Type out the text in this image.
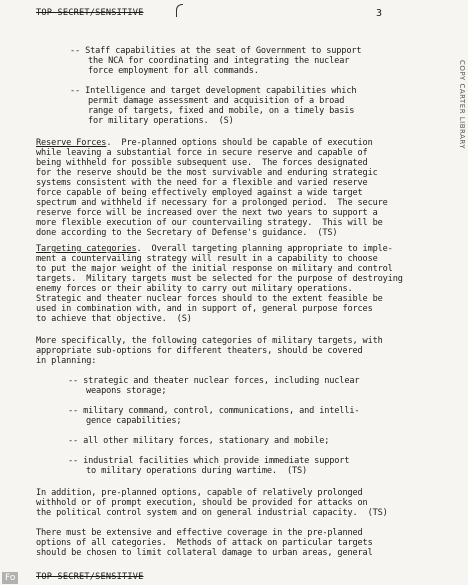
TOP SECRET/SENSITIVE	3
COPY CARTER LIBRARY
-- Staff capabilities at the seat of Government to support
the NCA for coordinating and integrating the nuclear
force employment for all commands.
-- Intelligence and target development capabilities which
permit damage assessment and acquisition of a broad
range of targets, fixed and mobile, on a timely basis
for military operations.  (S)
Reserve Forces.  Pre-planned options should be capable of execution
while leaving a substantial force in secure reserve and capable of
being withheld for possible subsequent use.  The forces designated
for the reserve should be the most survivable and enduring strategic
systems consistent with the need for a flexible and varied reserve
force capable of being effectively employed against a wide target
spectrum and withheld if necessary for a prolonged period.  The secure
reserve force will be increased over the next two years to support a
more flexible execution of our countervailing strategy.  This will be
done according to the Secretary of Defense's guidance.  (TS)
Targeting categories.  Overall targeting planning appropriate to imple-
ment a countervailing strategy will result in a capability to choose
to put the major weight of the initial response on military and control
targets.  Military targets must be selected for the purpose of destroying
enemy forces or their ability to carry out military operations.
Strategic and theater nuclear forces should to the extent feasible be
used in combination with, and in support of, general purpose forces
to achieve that objective.  (S)
More specifically, the following categories of military targets, with
appropriate sub-options for different theaters, should be covered
in planning:
-- strategic and theater nuclear forces, including nuclear
weapons storage;
-- military command, control, communications, and intelli-
gence capabilities;
-- all other military forces, stationary and mobile;
-- industrial facilities which provide immediate support
to military operations during wartime.  (TS)
In addition, pre-planned options, capable of relatively prolonged
withhold or of prompt execution, should be provided for attacks on
the political control system and on general industrial capacity.  (TS)
There must be extensive and effective coverage in the pre-planned
options of all categories.  Methods of attack on particular targets
should be chosen to limit collateral damage to urban areas, general
TOP SECRET/SENSITIVE
Fo
